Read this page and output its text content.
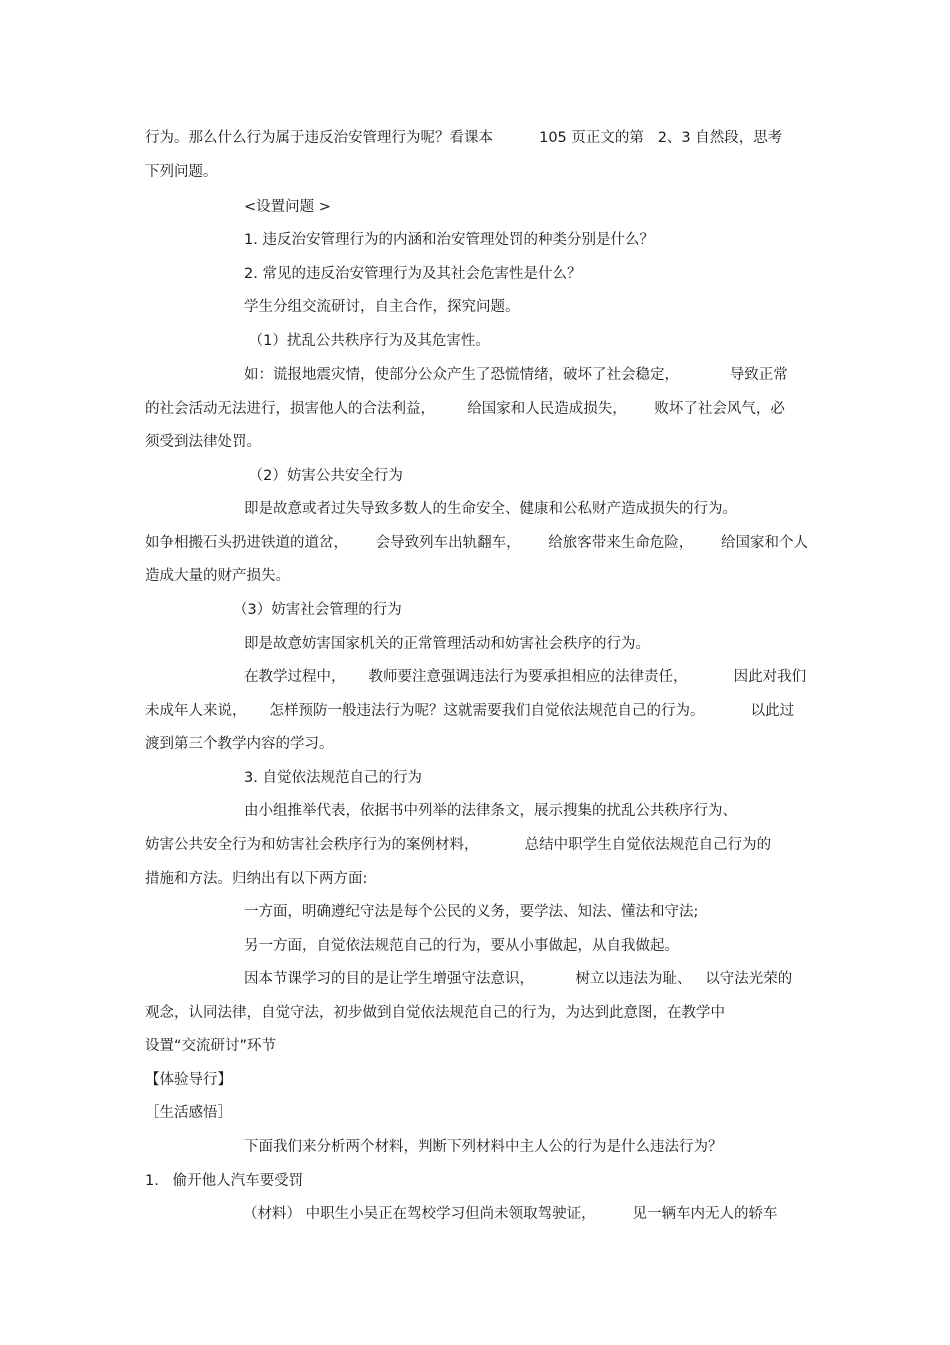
行为。那么什么行为属于违反治安管理行为呢？看课本          105 页正文的第   2、3 自然段，思考
下列问题。
<设置问题 >
1. 违反治安管理行为的内涵和治安管理处罚的种类分别是什么？
2. 常见的违反治安管理行为及其社会危害性是什么？
学生分组交流研讨，自主合作，探究问题。
（1）扰乱公共秩序行为及其危害性。
如：谎报地震灾情，使部分公众产生了恐慌情绪，破坏了社会稳定，           导致正常
的社会活动无法进行，损害他人的合法利益，       给国家和人民造成损失，      败坏了社会风气，必
须受到法律处罚。
（2）妨害公共安全行为
即是故意或者过失导致多数人的生命安全、健康和公私财产造成损失的行为。
如争相搬石头扔进铁道的道岔，      会导致列车出轨翻车，      给旅客带来生命危险，      给国家和个人
造成大量的财产损失。
（3）妨害社会管理的行为
即是故意妨害国家机关的正常管理活动和妨害社会秩序的行为。
在教学过程中，     教师要注意强调违法行为要承担相应的法律责任，          因此对我们
未成年人来说，     怎样预防一般违法行为呢？这就需要我们自觉依法规范自己的行为。          以此过
渡到第三个教学内容的学习。
3. 自觉依法规范自己的行为
由小组推举代表，依据书中列举的法律条文，展示搜集的扰乱公共秩序行为、
妨害公共安全行为和妨害社会秩序行为的案例材料，          总结中职学生自觉依法规范自己行为的
措施和方法。归纳出有以下两方面:
一方面，明确遵纪守法是每个公民的义务，要学法、知法、懂法和守法;
另一方面，自觉依法规范自己的行为，要从小事做起，从自我做起。
因本节课学习的目的是让学生增强守法意识，         树立以违法为耻、   以守法光荣的
观念，认同法律，自觉守法，初步做到自觉依法规范自己的行为，为达到此意图，在教学中
设置“交流研讨”环节
【体验导行】
［生活感悟］
下面我们来分析两个材料，判断下列材料中主人公的行为是什么违法行为？
1.   偷开他人汽车要受罚
（材料） 中职生小吴正在驾校学习但尚未领取驾驶证，        见一辆车内无人的轿车
